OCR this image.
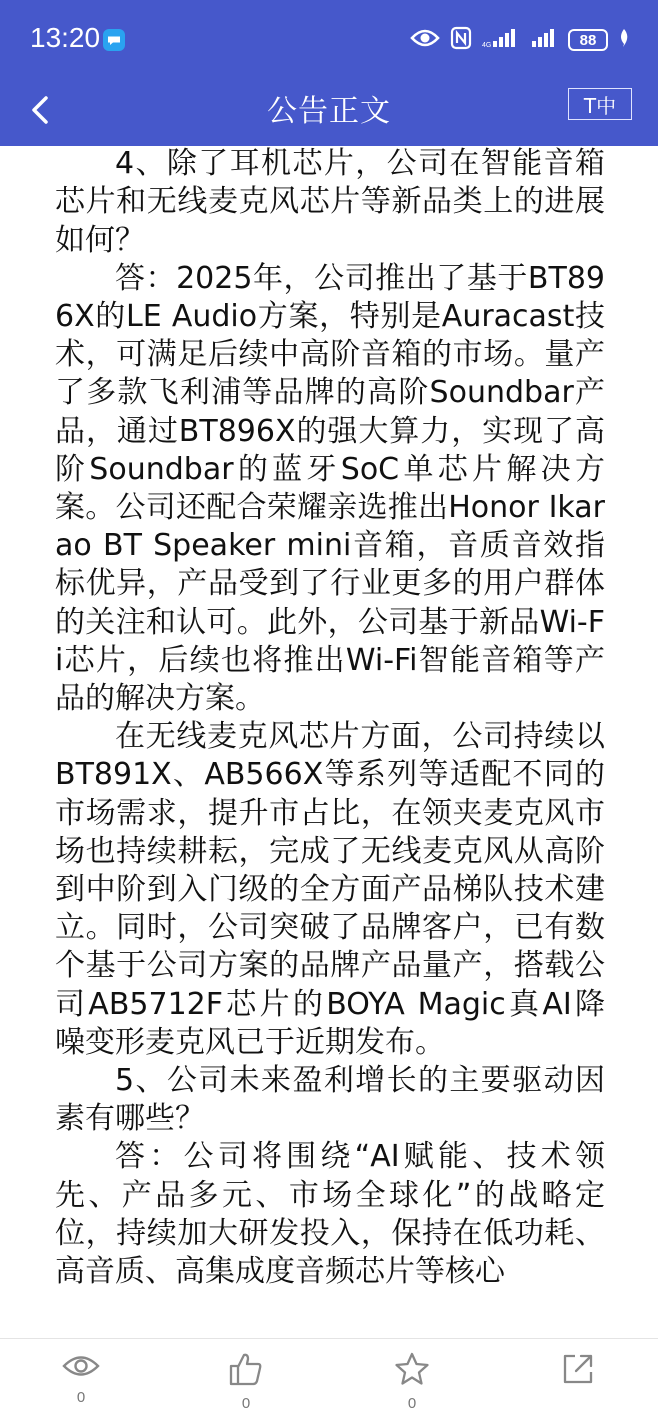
13:20	4G	88
公告正文	T中

4、除了耳机芯片，公司在智能音箱芯片和无线麦克风芯片等新品类上的进展如何？

答：2025年，公司推出了基于BT896X的LE Audio方案，特别是Auracast技术，可满足后续中高阶音箱的市场。量产了多款飞利浦等品牌的高阶Soundbar产品，通过BT896X的强大算力，实现了高阶Soundbar的蓝牙SoC单芯片解决方案。公司还配合荣耀亲选推出Honor Ikarao BT Speaker mini音箱，音质音效指标优异，产品受到了行业更多的用户群体的关注和认可。此外，公司基于新品Wi-Fi芯片，后续也将推出Wi-Fi智能音箱等产品的解决方案。

在无线麦克风芯片方面，公司持续以BT891X、AB566X等系列等适配不同的市场需求，提升市占比，在领夹麦克风市场也持续耕耘，完成了无线麦克风从高阶到中阶到入门级的全方面产品梯队技术建立。同时，公司突破了品牌客户，已有数个基于公司方案的品牌产品量产，搭载公司AB5712F芯片的BOYA Magic真AI降噪变形麦克风已于近期发布。

5、公司未来盈利增长的主要驱动因素有哪些？

答：公司将围绕“AI赋能、技术领先、产品多元、市场全球化”的战略定位，持续加大研发投入，保持在低功耗、高音质、高集成度音频芯片等核心

0	0	0
